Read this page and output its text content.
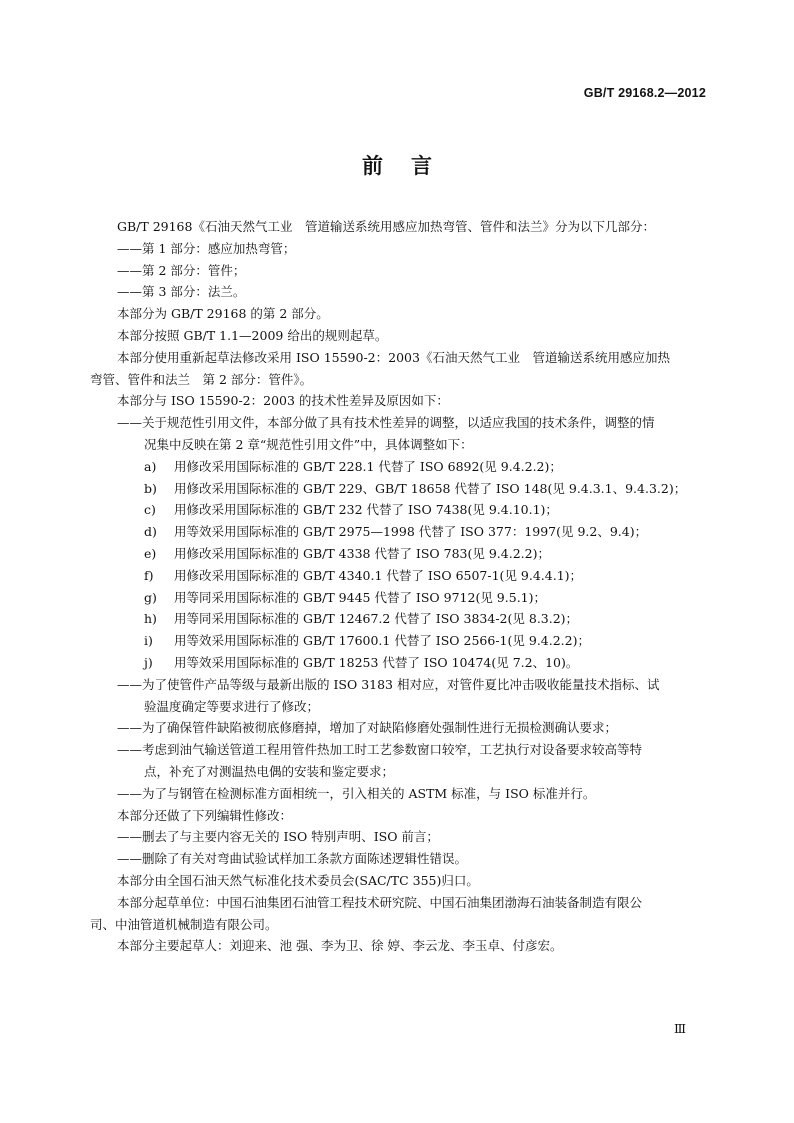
GB/T 29168.2—2012
前言
GB/T 29168《石油天然气工业　管道输送系统用感应加热弯管、管件和法兰》分为以下几部分：
——第 1 部分：感应加热弯管；
——第 2 部分：管件；
——第 3 部分：法兰。
本部分为 GB/T 29168 的第 2 部分。
本部分按照 GB/T 1.1—2009 给出的规则起草。
本部分使用重新起草法修改采用 ISO 15590-2：2003《石油天然气工业　管道输送系统用感应加热
弯管、管件和法兰　第 2 部分：管件》。
本部分与 ISO 15590-2：2003 的技术性差异及原因如下：
——关于规范性引用文件，本部分做了具有技术性差异的调整，以适应我国的技术条件，调整的情
况集中反映在第 2 章“规范性引用文件”中，具体调整如下：
a) 用修改采用国际标准的 GB/T 228.1 代替了 ISO 6892(见 9.4.2.2)；
b) 用修改采用国际标准的 GB/T 229、GB/T 18658 代替了 ISO 148(见 9.4.3.1、9.4.3.2)；
c) 用修改采用国际标准的 GB/T 232 代替了 ISO 7438(见 9.4.10.1)；
d) 用等效采用国际标准的 GB/T 2975—1998 代替了 ISO 377：1997(见 9.2、9.4)；
e) 用修改采用国际标准的 GB/T 4338 代替了 ISO 783(见 9.4.2.2)；
f) 用修改采用国际标准的 GB/T 4340.1 代替了 ISO 6507-1(见 9.4.4.1)；
g) 用等同采用国际标准的 GB/T 9445 代替了 ISO 9712(见 9.5.1)；
h) 用等同采用国际标准的 GB/T 12467.2 代替了 ISO 3834-2(见 8.3.2)；
i) 用等效采用国际标准的 GB/T 17600.1 代替了 ISO 2566-1(见 9.4.2.2)；
j) 用等效采用国际标准的 GB/T 18253 代替了 ISO 10474(见 7.2、10)。
——为了使管件产品等级与最新出版的 ISO 3183 相对应，对管件夏比冲击吸收能量技术指标、试
验温度确定等要求进行了修改；
——为了确保管件缺陷被彻底修磨掉，增加了对缺陷修磨处强制性进行无损检测确认要求；
——考虑到油气输送管道工程用管件热加工时工艺参数窗口较窄，工艺执行对设备要求较高等特
点，补充了对测温热电偶的安装和鉴定要求；
——为了与钢管在检测标准方面相统一，引入相关的 ASTM 标准，与 ISO 标准并行。
本部分还做了下列编辑性修改：
——删去了与主要内容无关的 ISO 特别声明、ISO 前言；
——删除了有关对弯曲试验试样加工条款方面陈述逻辑性错误。
本部分由全国石油天然气标准化技术委员会(SAC/TC 355)归口。
本部分起草单位：中国石油集团石油管工程技术研究院、中国石油集团渤海石油装备制造有限公
司、中油管道机械制造有限公司。
本部分主要起草人：刘迎来、池 强、李为卫、徐 婷、李云龙、李玉卓、付彦宏。
Ⅲ
